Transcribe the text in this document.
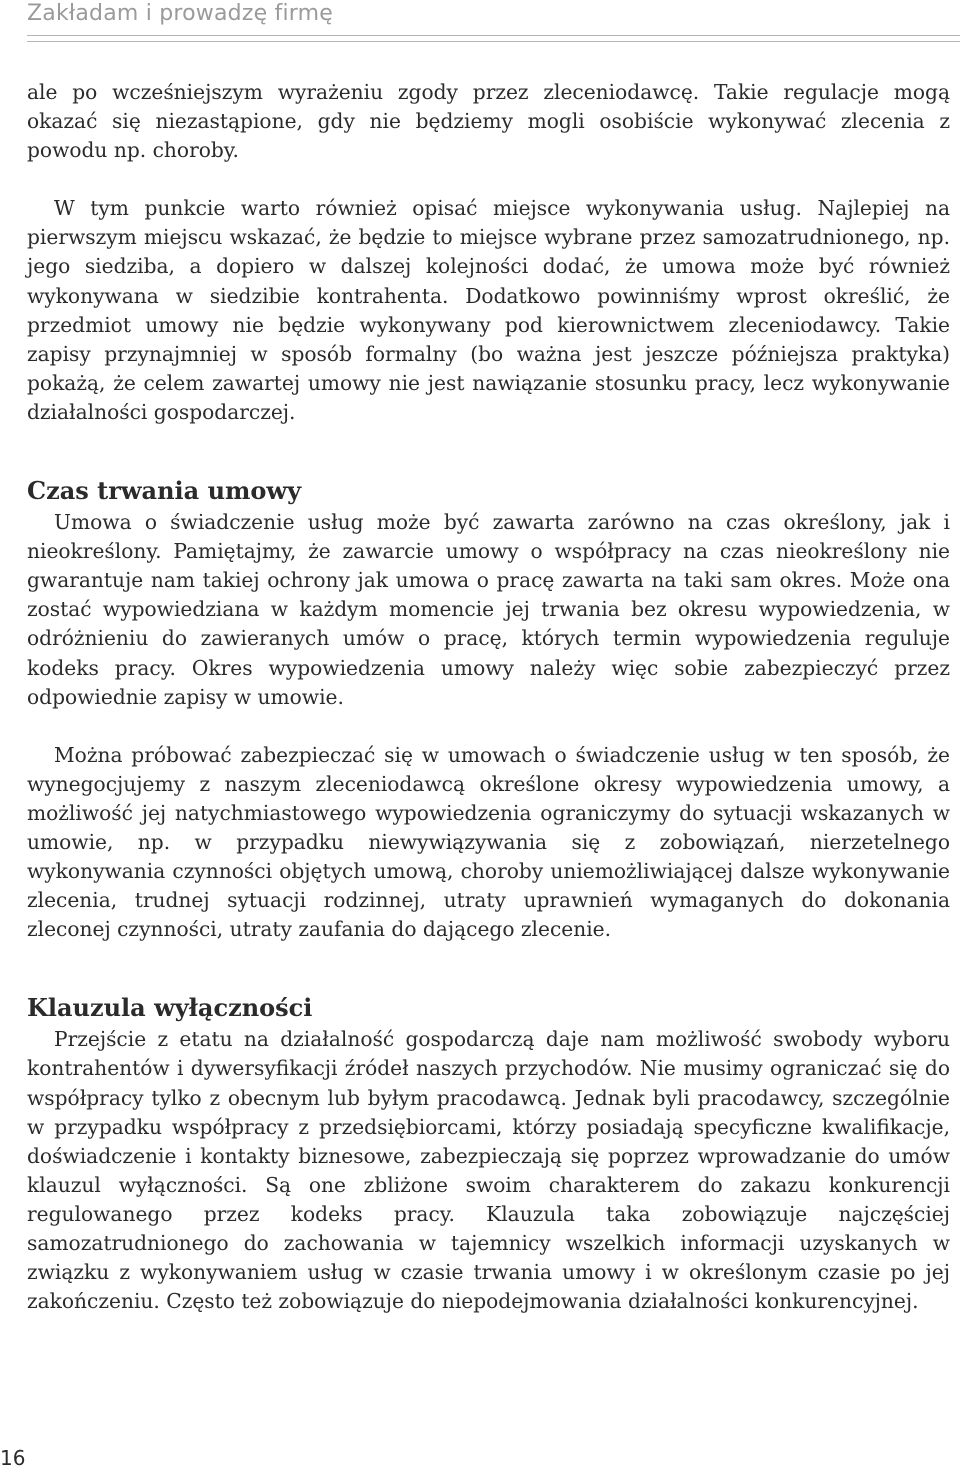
Zakładam i prowadzę firmę

ale po wcześniejszym wyrażeniu zgody przez zleceniodawcę. Takie regulacje mogą okazać się niezastąpione, gdy nie będziemy mogli osobiście wykonywać zlecenia z powodu np. choroby.

W tym punkcie warto również opisać miejsce wykonywania usług. Najlepiej na pierwszym miejscu wskazać, że będzie to miejsce wybrane przez samozatrudnionego, np. jego siedziba, a dopiero w dalszej kolejności dodać, że umowa może być również wykonywana w siedzibie kontrahenta. Dodatkowo powinniśmy wprost określić, że przedmiot umowy nie będzie wykonywany pod kierownictwem zleceniodawcy. Takie zapisy przynajmniej w sposób formalny (bo ważna jest jeszcze późniejsza praktyka) pokażą, że celem zawartej umowy nie jest nawiązanie stosunku pracy, lecz wykonywanie działalności gospodarczej.

Czas trwania umowy

Umowa o świadczenie usług może być zawarta zarówno na czas określony, jak i nieokreślony. Pamiętajmy, że zawarcie umowy o współpracy na czas nieokreślony nie gwarantuje nam takiej ochrony jak umowa o pracę zawarta na taki sam okres. Może ona zostać wypowiedziana w każdym momencie jej trwania bez okresu wypowiedzenia, w odróżnieniu do zawieranych umów o pracę, których termin wypowiedzenia reguluje kodeks pracy. Okres wypowiedzenia umowy należy więc sobie zabezpieczyć przez odpowiednie zapisy w umowie.

Można próbować zabezpieczać się w umowach o świadczenie usług w ten sposób, że wynegocjujemy z naszym zleceniodawcą określone okresy wypowiedzenia umowy, a możliwość jej natychmiastowego wypowiedzenia ograniczymy do sytuacji wskazanych w umowie, np. w przypadku niewywiązywania się z zobowiązań, nierzetelnego wykonywania czynności objętych umową, choroby uniemożliwiającej dalsze wykonywanie zlecenia, trudnej sytuacji rodzinnej, utraty uprawnień wymaganych do dokonania zleconej czynności, utraty zaufania do dającego zlecenie.

Klauzula wyłączności

Przejście z etatu na działalność gospodarczą daje nam możliwość swobody wyboru kontrahentów i dywersyfikacji źródeł naszych przychodów. Nie musimy ograniczać się do współpracy tylko z obecnym lub byłym pracodawcą. Jednak byli pracodawcy, szczególnie w przypadku współpracy z przedsiębiorcami, którzy posiadają specyficzne kwalifikacje, doświadczenie i kontakty biznesowe, zabezpieczają się poprzez wprowadzanie do umów klauzul wyłączności. Są one zbliżone swoim charakterem do zakazu konkurencji regulowanego przez kodeks pracy. Klauzula taka zobowiązuje najczęściej samozatrudnionego do zachowania w tajemnicy wszelkich informacji uzyskanych w związku z wykonywaniem usług w czasie trwania umowy i w określonym czasie po jej zakończeniu. Często też zobowiązuje do niepodejmowania działalności konkurencyjnej.

16
